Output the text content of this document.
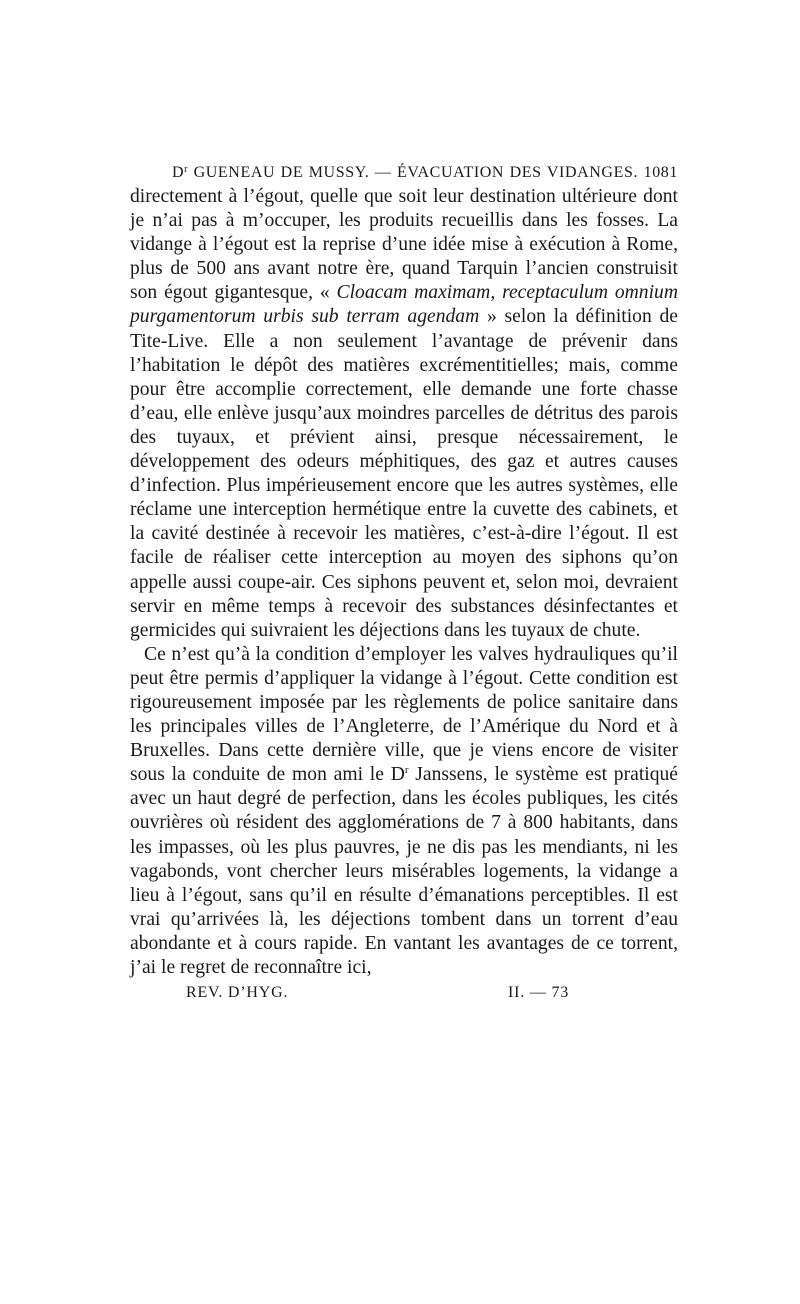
$D^r$ GUENEAU DE MUSSY. — ÉVACUATION DES VIDANGES. 1081

directement à l’égout, quelle que soit leur destination ultérieure dont je n’ai pas à m’occuper, les produits recueillis dans les fosses. La vidange à l’égout est la reprise d’une idée mise à exécution à Rome, plus de 500 ans avant notre ère, quand Tarquin l’ancien construisit son égout gigantesque, « Cloacam maximam, receptaculum omnium purgamentorum urbis sub terram agendam » selon la définition de Tite-Live. Elle a non seulement l’avantage de prévenir dans l’habitation le dépôt des matières excrémentitielles; mais, comme pour être accomplie correctement, elle demande une forte chasse d’eau, elle enlève jusqu’aux moindres parcelles de détritus des parois des tuyaux, et prévient ainsi, presque nécessairement, le développement des odeurs méphitiques, des gaz et autres causes d’infection. Plus impérieusement encore que les autres systèmes, elle réclame une interception hermétique entre la cuvette des cabinets, et la cavité destinée à recevoir les matières, c’est-à-dire l’égout. Il est facile de réaliser cette interception au moyen des siphons qu’on appelle aussi coupe-air. Ces siphons peuvent et, selon moi, devraient servir en même temps à recevoir des substances désinfectantes et germicides qui suivraient les déjections dans les tuyaux de chute.

Ce n’est qu’à la condition d’employer les valves hydrauliques qu’il peut être permis d’appliquer la vidange à l’égout. Cette condition est rigoureusement imposée par les règlements de police sanitaire dans les principales villes de l’Angleterre, de l’Amérique du Nord et à Bruxelles. Dans cette dernière ville, que je viens encore de visiter sous la conduite de mon ami le $D^r$ Janssens, le système est pratiqué avec un haut degré de perfection, dans les écoles publiques, les cités ouvrières où résident des agglomérations de 7 à 800 habitants, dans les impasses, où les plus pauvres, je ne dis pas les mendiants, ni les vagabonds, vont chercher leurs misérables logements, la vidange a lieu à l’égout, sans qu’il en résulte d’émanations perceptibles. Il est vrai qu’arrivées là, les déjections tombent dans un torrent d’eau abondante et à cours rapide. En vantant les avantages de ce torrent, j’ai le regret de reconnaître ici,

REV. D’HYG.	II. — 73
